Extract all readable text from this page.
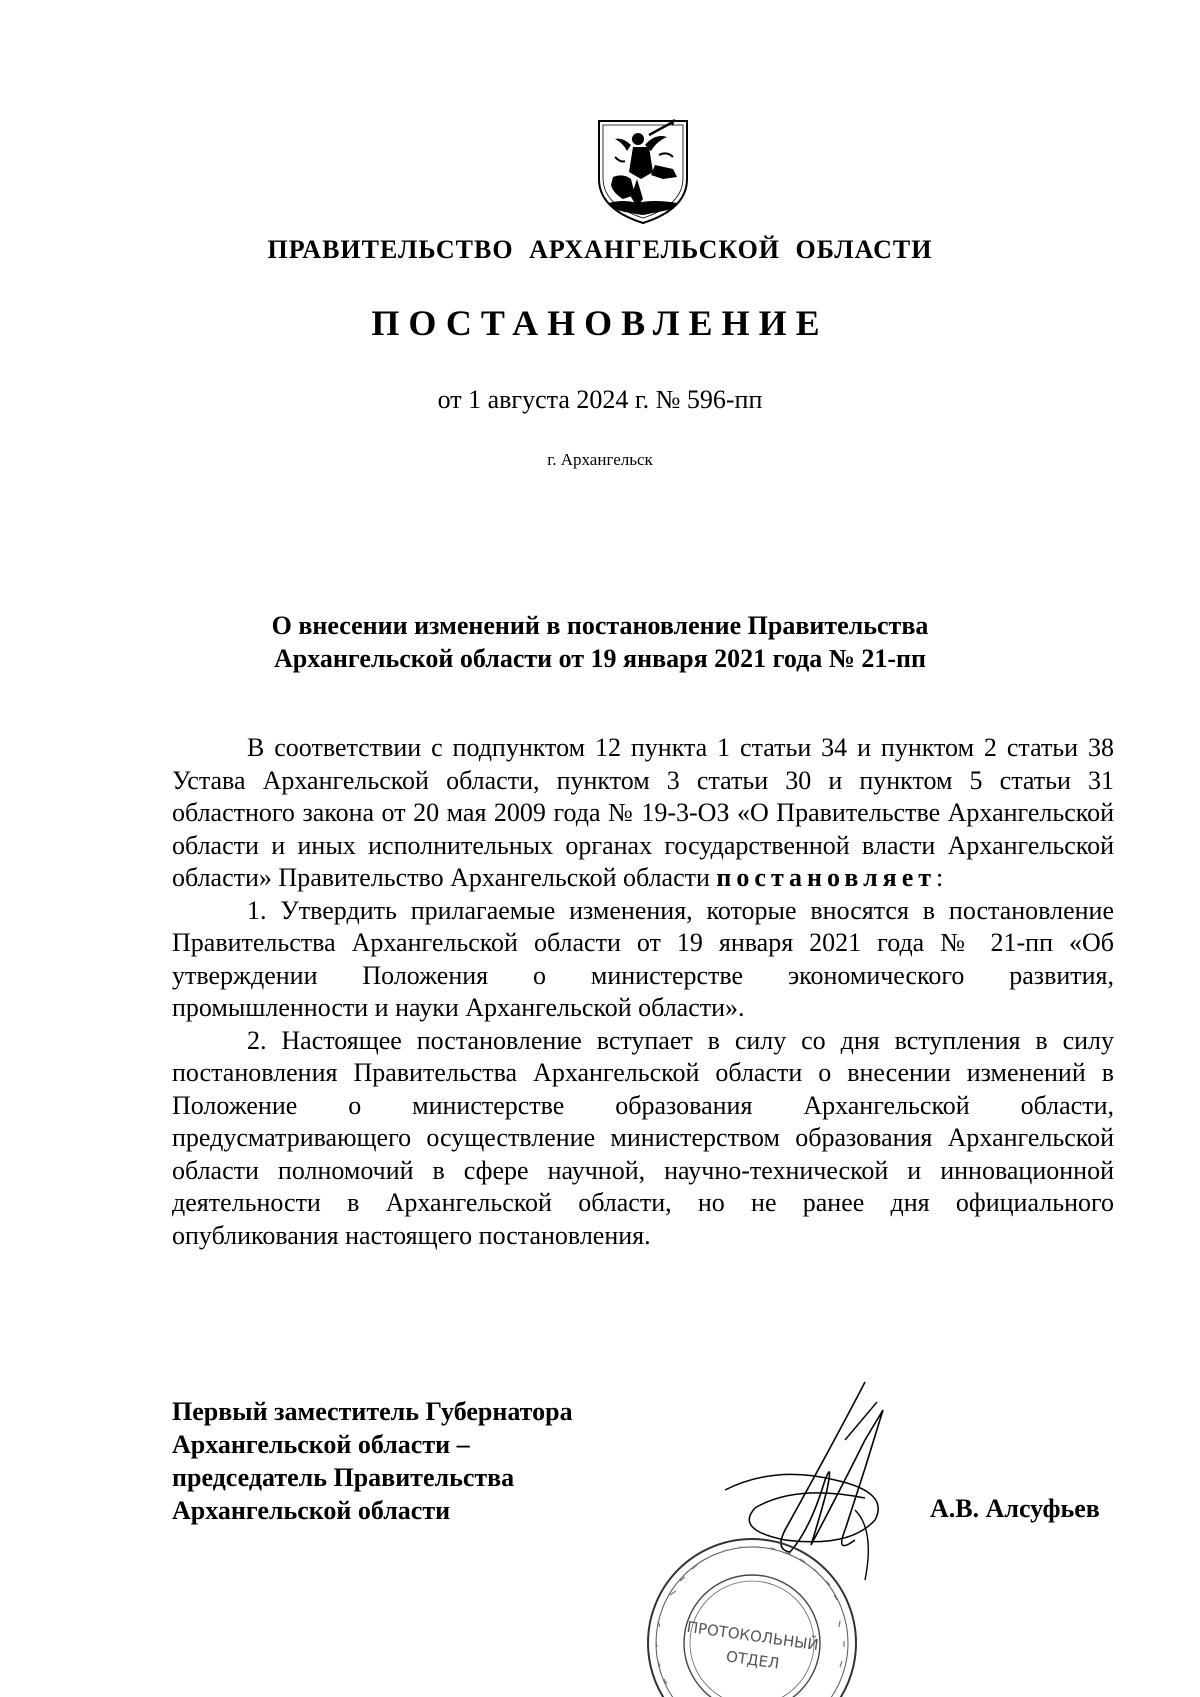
ПРАВИТЕЛЬСТВО АРХАНГЕЛЬСКОЙ ОБЛАСТИ
ПОСТАНОВЛЕНИЕ
от 1 августа 2024 г. № 596-пп
г. Архангельск
О внесении изменений в постановление Правительства
Архангельской области от 19 января 2021 года № 21-пп

В соответствии с подпунктом 12 пункта 1 статьи 34 и пунктом 2 статьи 38 Устава Архангельской области, пунктом 3 статьи 30 и пунктом 5 статьи 31 областного закона от 20 мая 2009 года № 19-3-ОЗ «О Правительстве Архангельской области и иных исполнительных органах государственной власти Архангельской области» Правительство Архангельской области постановляет:

1. Утвердить прилагаемые изменения, которые вносятся в постановление Правительства Архангельской области от 19 января 2021 года № 21-пп «Об утверждении Положения о министерстве экономического развития, промышленности и науки Архангельской области».

2. Настоящее постановление вступает в силу со дня вступления в силу постановления Правительства Архангельской области о внесении изменений в Положение о министерстве образования Архангельской области, предусматривающего осуществление министерством образования Архангельской области полномочий в сфере научной, научно-технической и инновационной деятельности в Архангельской области, но не ранее дня официального опубликования настоящего постановления.

Первый заместитель Губернатора
Архангельской области –
председатель Правительства
Архангельской области
ПРОТОКОЛЬНЫЙ
ОТДЕЛ
А.В. Алсуфьев
